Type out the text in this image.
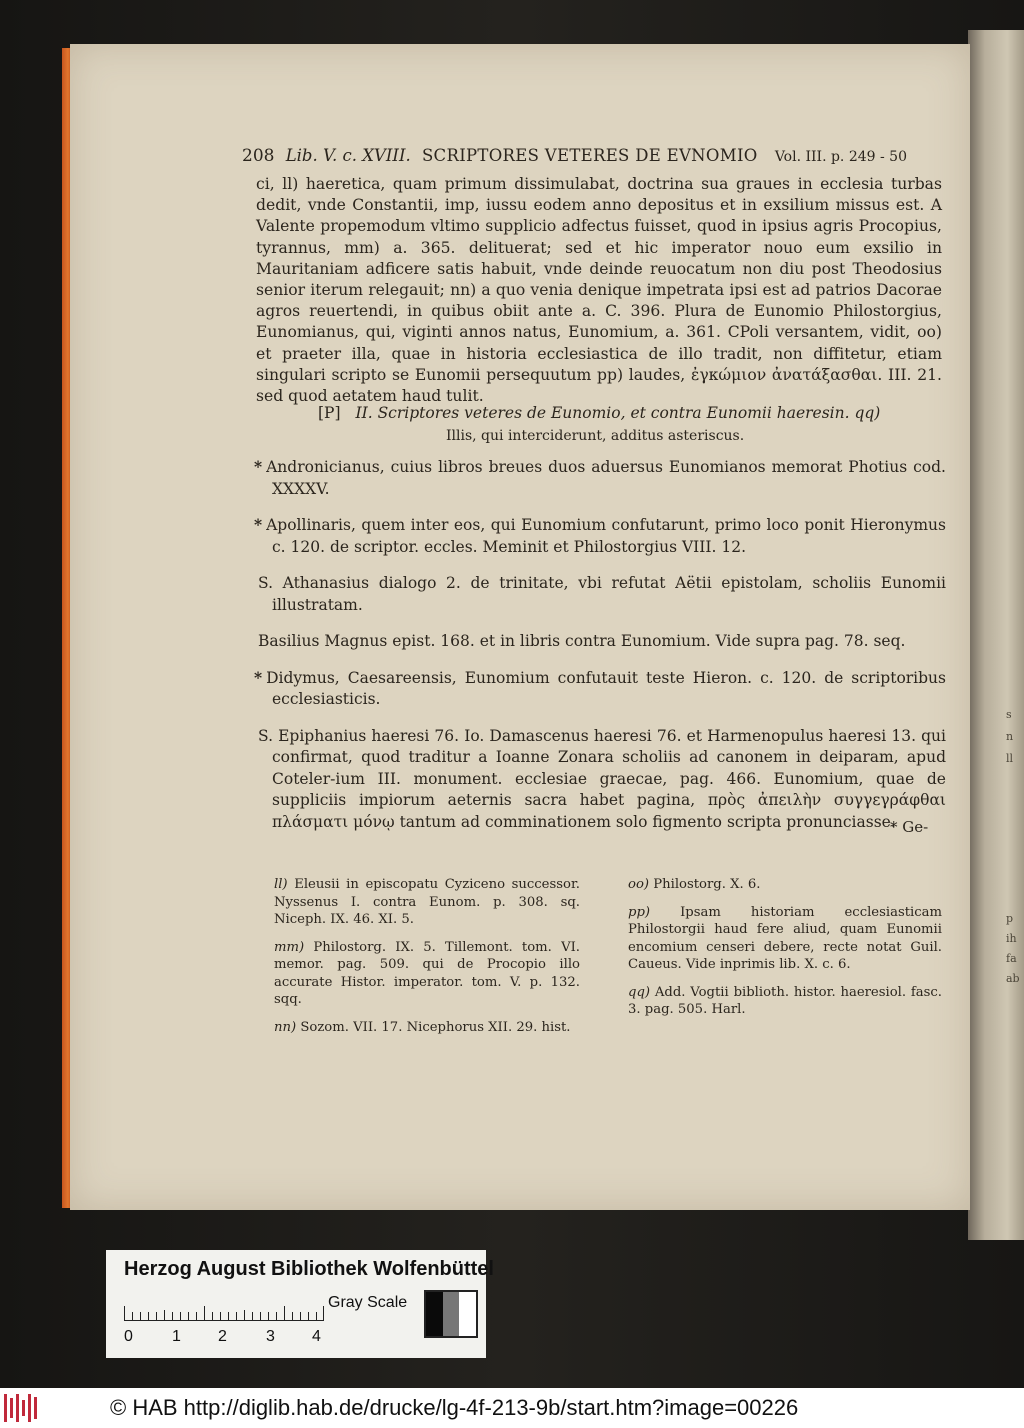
s
n
ll
p
ih
fa
ab
208 Lib. V. c. XVIII. SCRIPTORES VETERES DE EVNOMIO Vol. III. p. 249 - 50

ci, ll) haeretica, quam primum dissimulabat, doctrina sua graues in ecclesia turbas dedit, vnde Constantii, imp, iussu eodem anno depositus et in exsilium missus est. A Valente propemodum vltimo supplicio adfectus fuisset, quod in ipsius agris Procopius, tyrannus, mm) a. 365. delituerat; sed et hic imperator nouo eum exsilio in Mauritaniam adficere satis habuit, vnde deinde reuocatum non diu post Theodosius senior iterum relegauit; nn) a quo venia denique impetrata ipsi est ad patrios Dacorae agros reuertendi, in quibus obiit ante a. C. 396. Plura de Eunomio Philostorgius, Eunomianus, qui, viginti annos natus, Eunomium, a. 361. CPoli versantem, vidit, oo) et praeter illa, quae in historia ecclesiastica de illo tradit, non diffitetur, etiam singulari scripto se Eunomii persequutum pp) laudes, ἐγκώμιον ἀνατάξασθαι. III. 21. sed quod aetatem haud tulit.

[P] II. Scriptores veteres de Eunomio, et contra Eunomii haeresin. qq)
Illis, qui interciderunt, additus asteriscus.
* Andronicianus, cuius libros breues duos aduersus Eunomianos memorat Photius cod. XXXXV.
* Apollinaris, quem inter eos, qui Eunomium confutarunt, primo loco ponit Hieronymus c. 120. de scriptor. eccles. Meminit et Philostorgius VIII. 12.
S. Athanasius dialogo 2. de trinitate, vbi refutat Aëtii epistolam, scholiis Eunomii illustratam.
Basilius Magnus epist. 168. et in libris contra Eunomium. Vide supra pag. 78. seq.
* Didymus, Caesareensis, Eunomium confutauit teste Hieron. c. 120. de scriptoribus ecclesiasticis.
S. Epiphanius haeresi 76. Io. Damascenus haeresi 76. et Harmenopulus haeresi 13. qui confirmat, quod traditur a Ioanne Zonara scholiis ad canonem in deiparam, apud Coteler-ium III. monument. ecclesiae graecae, pag. 466. Eunomium, quae de suppliciis impiorum aeternis sacra habet pagina, πρὸς ἀπειλὴν συγγεγράφθαι πλάσματι μόνῳ tantum ad comminationem solo figmento scripta pronunciasse.
* Ge-
ll) Eleusii in episcopatu Cyziceno successor. Nyssenus I. contra Eunom. p. 308. sq. Niceph. IX. 46. XI. 5.
mm) Philostorg. IX. 5. Tillemont. tom. VI. memor. pag. 509. qui de Procopio illo accurate Histor. imperator. tom. V. p. 132. sqq.
nn) Sozom. VII. 17. Nicephorus XII. 29. hist.
oo) Philostorg. X. 6.
pp) Ipsam historiam ecclesiasticam Philostorgii haud fere aliud, quam Eunomii encomium censeri debere, recte notat Guil. Caueus. Vide inprimis lib. X. c. 6.
qq) Add. Vogtii biblioth. histor. haeresiol. fasc. 3. pag. 505. Harl.
Herzog August Bibliothek Wolfenbüttel
Gray Scale
0 1 2 3 4
© HAB http://diglib.hab.de/drucke/lg-4f-213-9b/start.htm?image=00226
